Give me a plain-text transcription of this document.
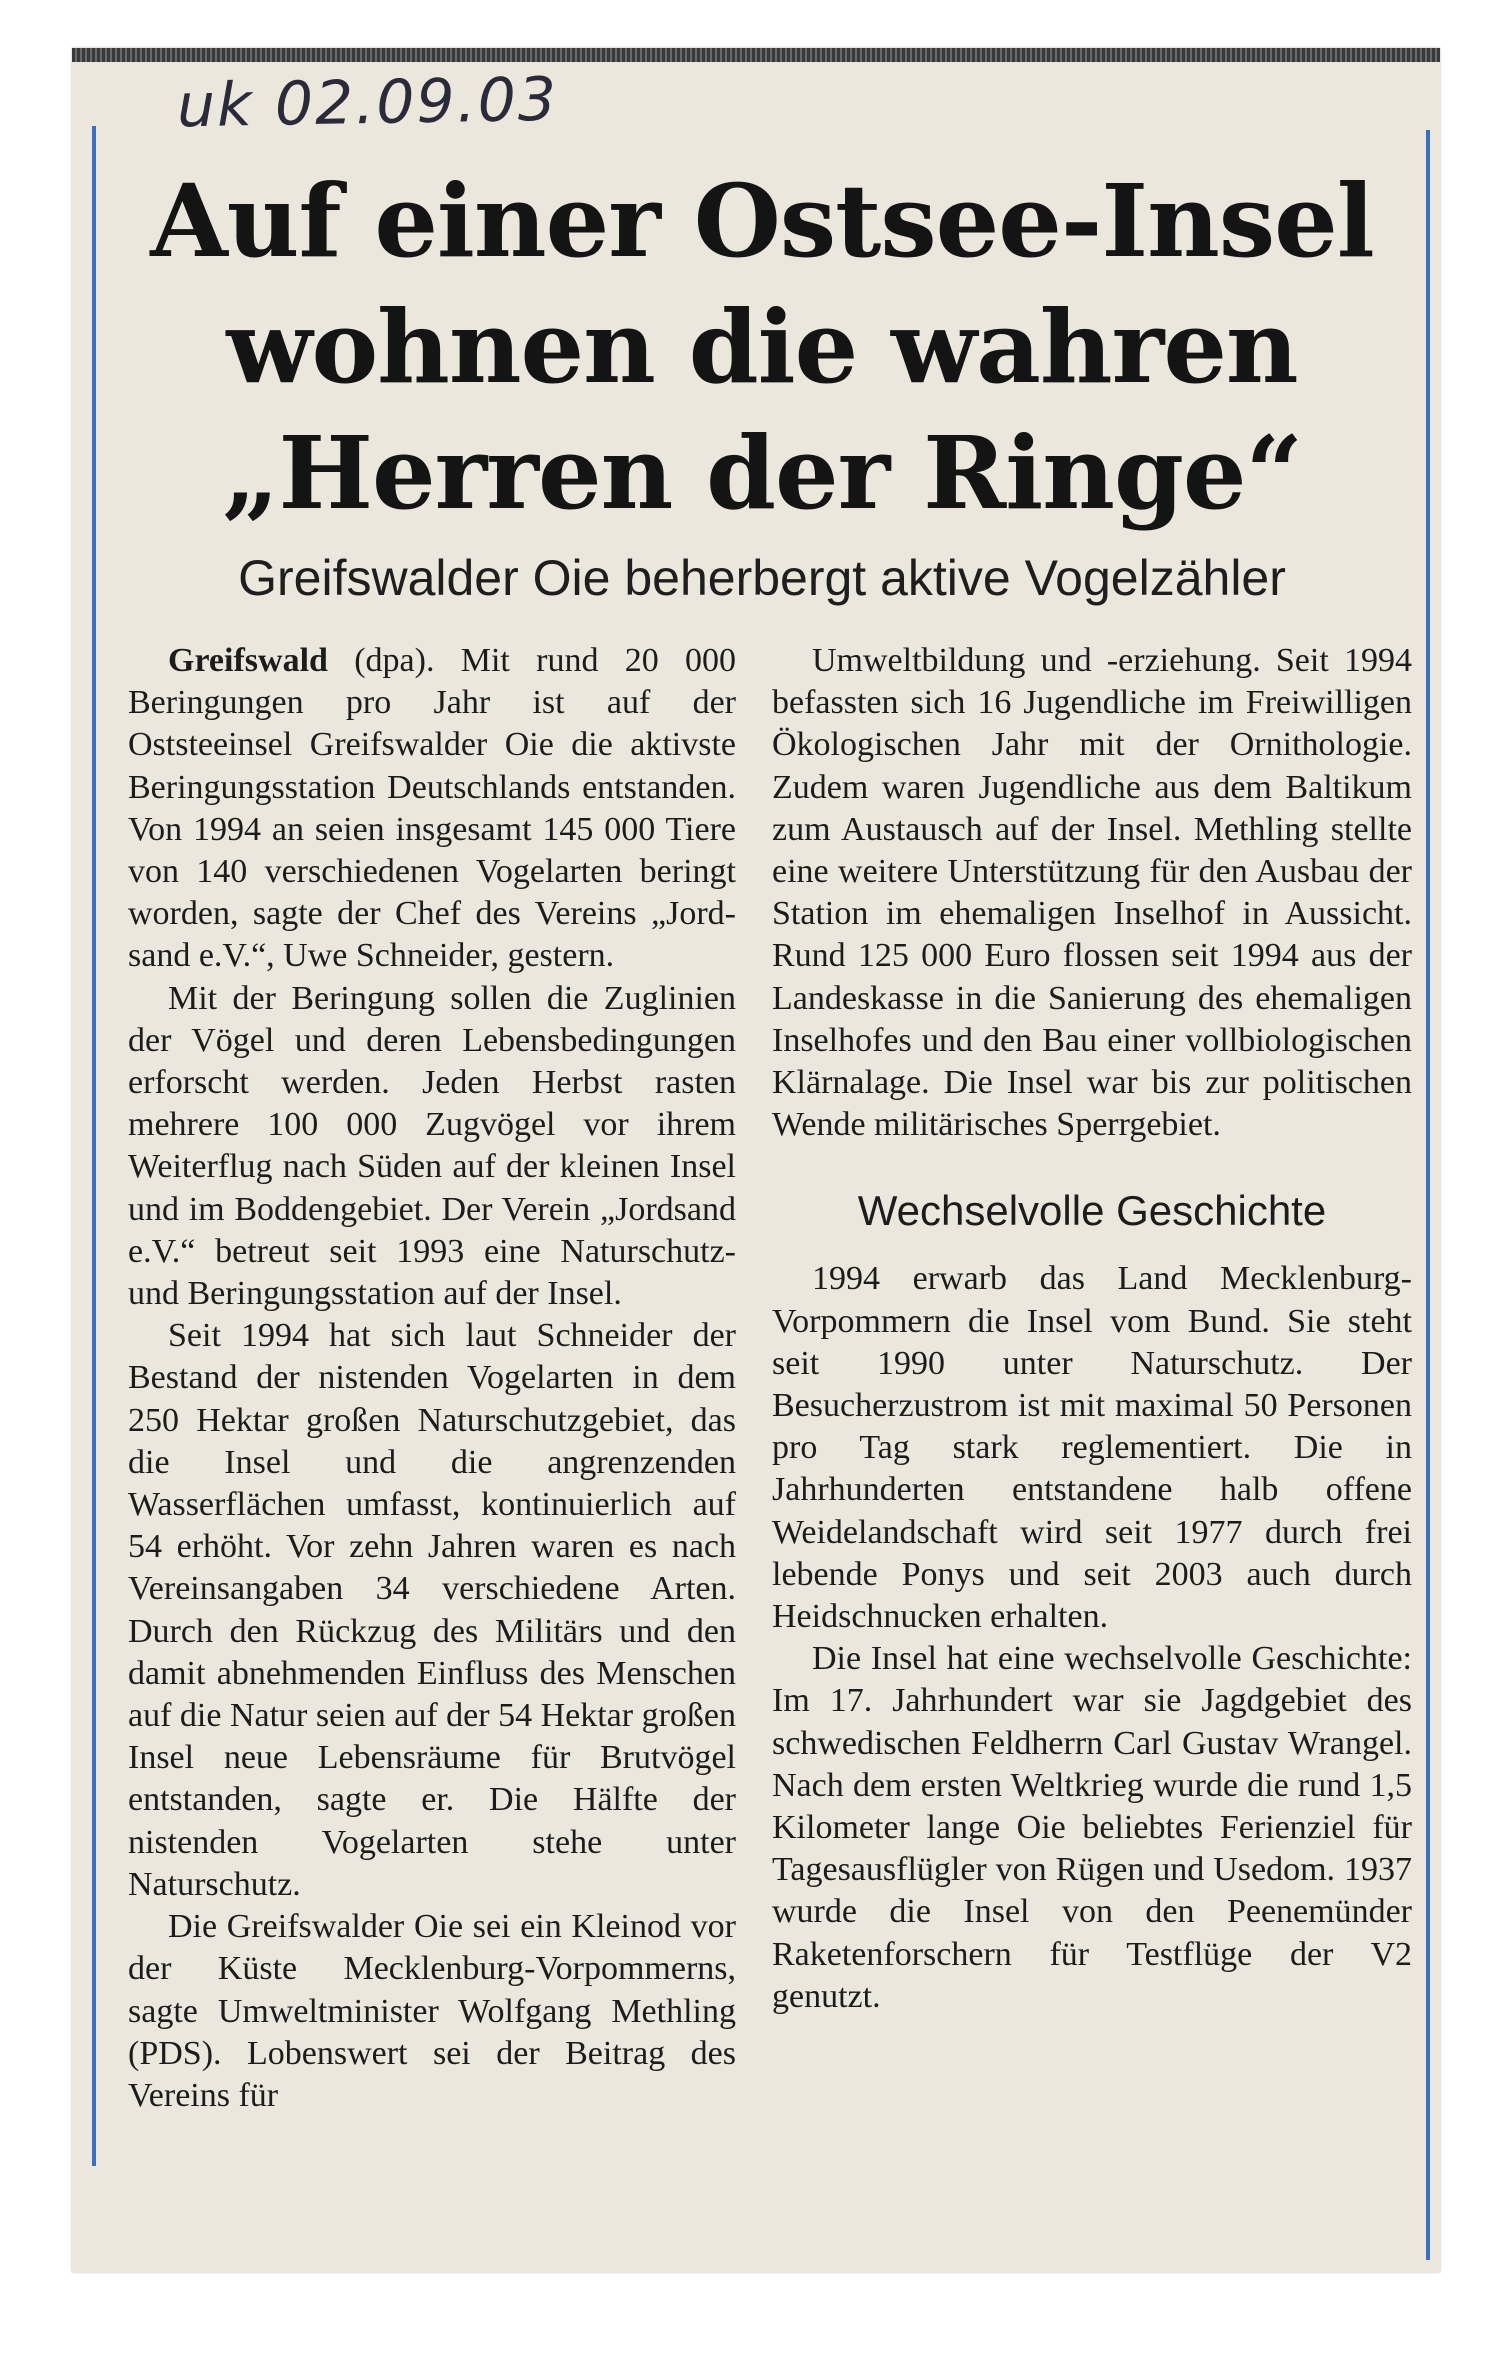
uk 02.09.03
Auf einer Ostsee-Insel
wohnen die wahren
„Herren der Ringe“
Greifswalder Oie beherbergt aktive Vogelzähler

Greifswald (dpa). Mit rund 20 000 Beringungen pro Jahr ist auf der Oststeeinsel Greifswalder Oie die aktivste Beringungsstation Deutschlands entstanden. Von 1994 an seien insgesamt 145 000 Tiere von 140 verschiedenen Vogelarten beringt worden, sagte der Chef des Vereins „Jordsand e.V.“, Uwe Schneider, gestern.

Mit der Beringung sollen die Zuglinien der Vögel und deren Lebensbedingungen erforscht werden. Jeden Herbst rasten mehrere 100 000 Zugvögel vor ihrem Weiterflug nach Süden auf der kleinen Insel und im Boddengebiet. Der Verein „Jordsand e.V.“ betreut seit 1993 eine Naturschutz- und Beringungsstation auf der Insel.

Seit 1994 hat sich laut Schneider der Bestand der nistenden Vogelarten in dem 250 Hektar großen Naturschutzgebiet, das die Insel und die angrenzenden Wasserflächen umfasst, kontinuierlich auf 54 erhöht. Vor zehn Jahren waren es nach Vereinsangaben 34 verschiedene Arten. Durch den Rückzug des Militärs und den damit abnehmenden Einfluss des Menschen auf die Natur seien auf der 54 Hektar großen Insel neue Lebensräume für Brutvögel entstanden, sagte er. Die Hälfte der nistenden Vogelarten stehe unter Naturschutz.

Die Greifswalder Oie sei ein Kleinod vor der Küste Mecklenburg-Vorpommerns, sagte Umweltminister Wolfgang Methling (PDS). Lobenswert sei der Beitrag des Vereins für

Umweltbildung und -erziehung. Seit 1994 befassten sich 16 Jugendliche im Freiwilligen Ökologischen Jahr mit der Ornithologie. Zudem waren Jugendliche aus dem Baltikum zum Austausch auf der Insel. Methling stellte eine weitere Unterstützung für den Ausbau der Station im ehemaligen Inselhof in Aussicht. Rund 125 000 Euro flossen seit 1994 aus der Landeskasse in die Sanierung des ehemaligen Inselhofes und den Bau einer vollbiologischen Klärnalage. Die Insel war bis zur politischen Wende militärisches Sperrgebiet.

Wechselvolle Geschichte

1994 erwarb das Land Mecklenburg-Vorpommern die Insel vom Bund. Sie steht seit 1990 unter Naturschutz. Der Besucherzustrom ist mit maximal 50 Personen pro Tag stark reglementiert. Die in Jahrhunderten entstandene halb offene Weidelandschaft wird seit 1977 durch frei lebende Ponys und seit 2003 auch durch Heidschnucken erhalten.

Die Insel hat eine wechselvolle Geschichte: Im 17. Jahrhundert war sie Jagdgebiet des schwedischen Feldherrn Carl Gustav Wrangel. Nach dem ersten Weltkrieg wurde die rund 1,5 Kilometer lange Oie beliebtes Ferienziel für Tagesausflügler von Rügen und Usedom. 1937 wurde die Insel von den Peenemünder Raketenforschern für Testflüge der V2 genutzt.
